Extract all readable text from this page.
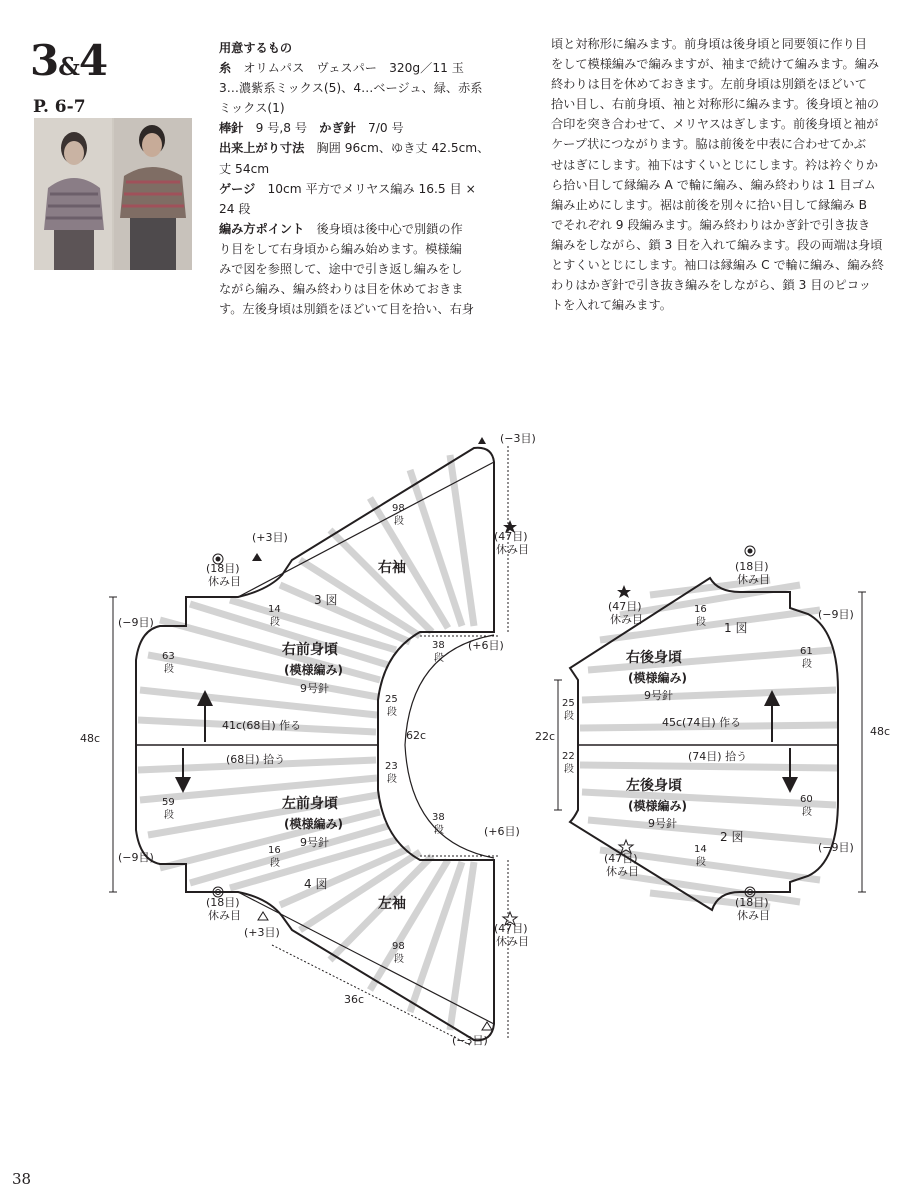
3&4
P. 6-7
用意するもの
糸　 オリムパス　ヴェスパー　320g／11 玉
3…濃紫系ミックス(5)、4…ベージュ、緑、赤系
ミックス(1)
棒針　 9 号,8 号　 かぎ針　 7/0 号
出来上がり寸法　 胸囲 96cm、ゆき丈 42.5cm、
丈 54cm
ゲージ　 10cm 平方でメリヤス編み 16.5 目 ×
24 段
編み方ポイント　 後身頃は後中心で別鎖の作
り目をして右身頃から編み始めます。模様編
みで図を参照して、途中で引き返し編みをし
ながら編み、編み終わりは目を休めておきま
す。左後身頃は別鎖をほどいて目を拾い、右身
頃と対称形に編みます。前身頃は後身頃と同要領に作り目
をして模様編みで編みますが、袖まで続けて編みます。編み
終わりは目を休めておきます。左前身頃は別鎖をほどいて
拾い目し、右前身頃、袖と対称形に編みます。後身頃と袖の
合印を突き合わせて、メリヤスはぎします。前後身頃と袖が
ケープ状につながります。脇は前後を中表に合わせてかぶ
せはぎにします。袖下はすくいとじにします。衿は衿ぐりか
ら拾い目して縁編み A で輪に編み、編み終わりは 1 目ゴム
編み止めにします。裾は前後を別々に拾い目して縁編み B
でそれぞれ 9 段編みます。編み終わりはかぎ針で引き抜き
編みをしながら、鎖 3 目を入れて編みます。段の両端は身頃
とすくいとじにします。袖口は縁編み C で輪に編み、編み終
わりはかぎ針で引き抜き編みをしながら、鎖 3 目のピコッ
トを入れて編みます。
右袖
左袖
右前身頃
(模様編み)
9号針
左前身頃
(模様編み)
9号針
3 図
4 図
41c(68目) 作る
(68目) 拾う
62c
48c
36c
(−3目)
(−3目)
(+3目)
(+3目)
(+6目)
(+6目)
(−9目)
(−9目)
(47目)
休み目
(47目)
休み目
(18目)
休み目
(18目)
休み目
98
段
98
段
63
段
59
段
14
段
16
段
38
段
38
段
25
段
23
段
右後身頃
(模様編み)
9号針
左後身頃
(模様編み)
9号針
1 図
2 図
45c(74目) 作る
(74目) 拾う
22c	48c
(18目)
休み目
(18目)
休み目
(47目)
休み目
(47目)
休み目
(−9目)
(−9目)
16
段
61
段
25
段
22
段
60
段
14
段
38
